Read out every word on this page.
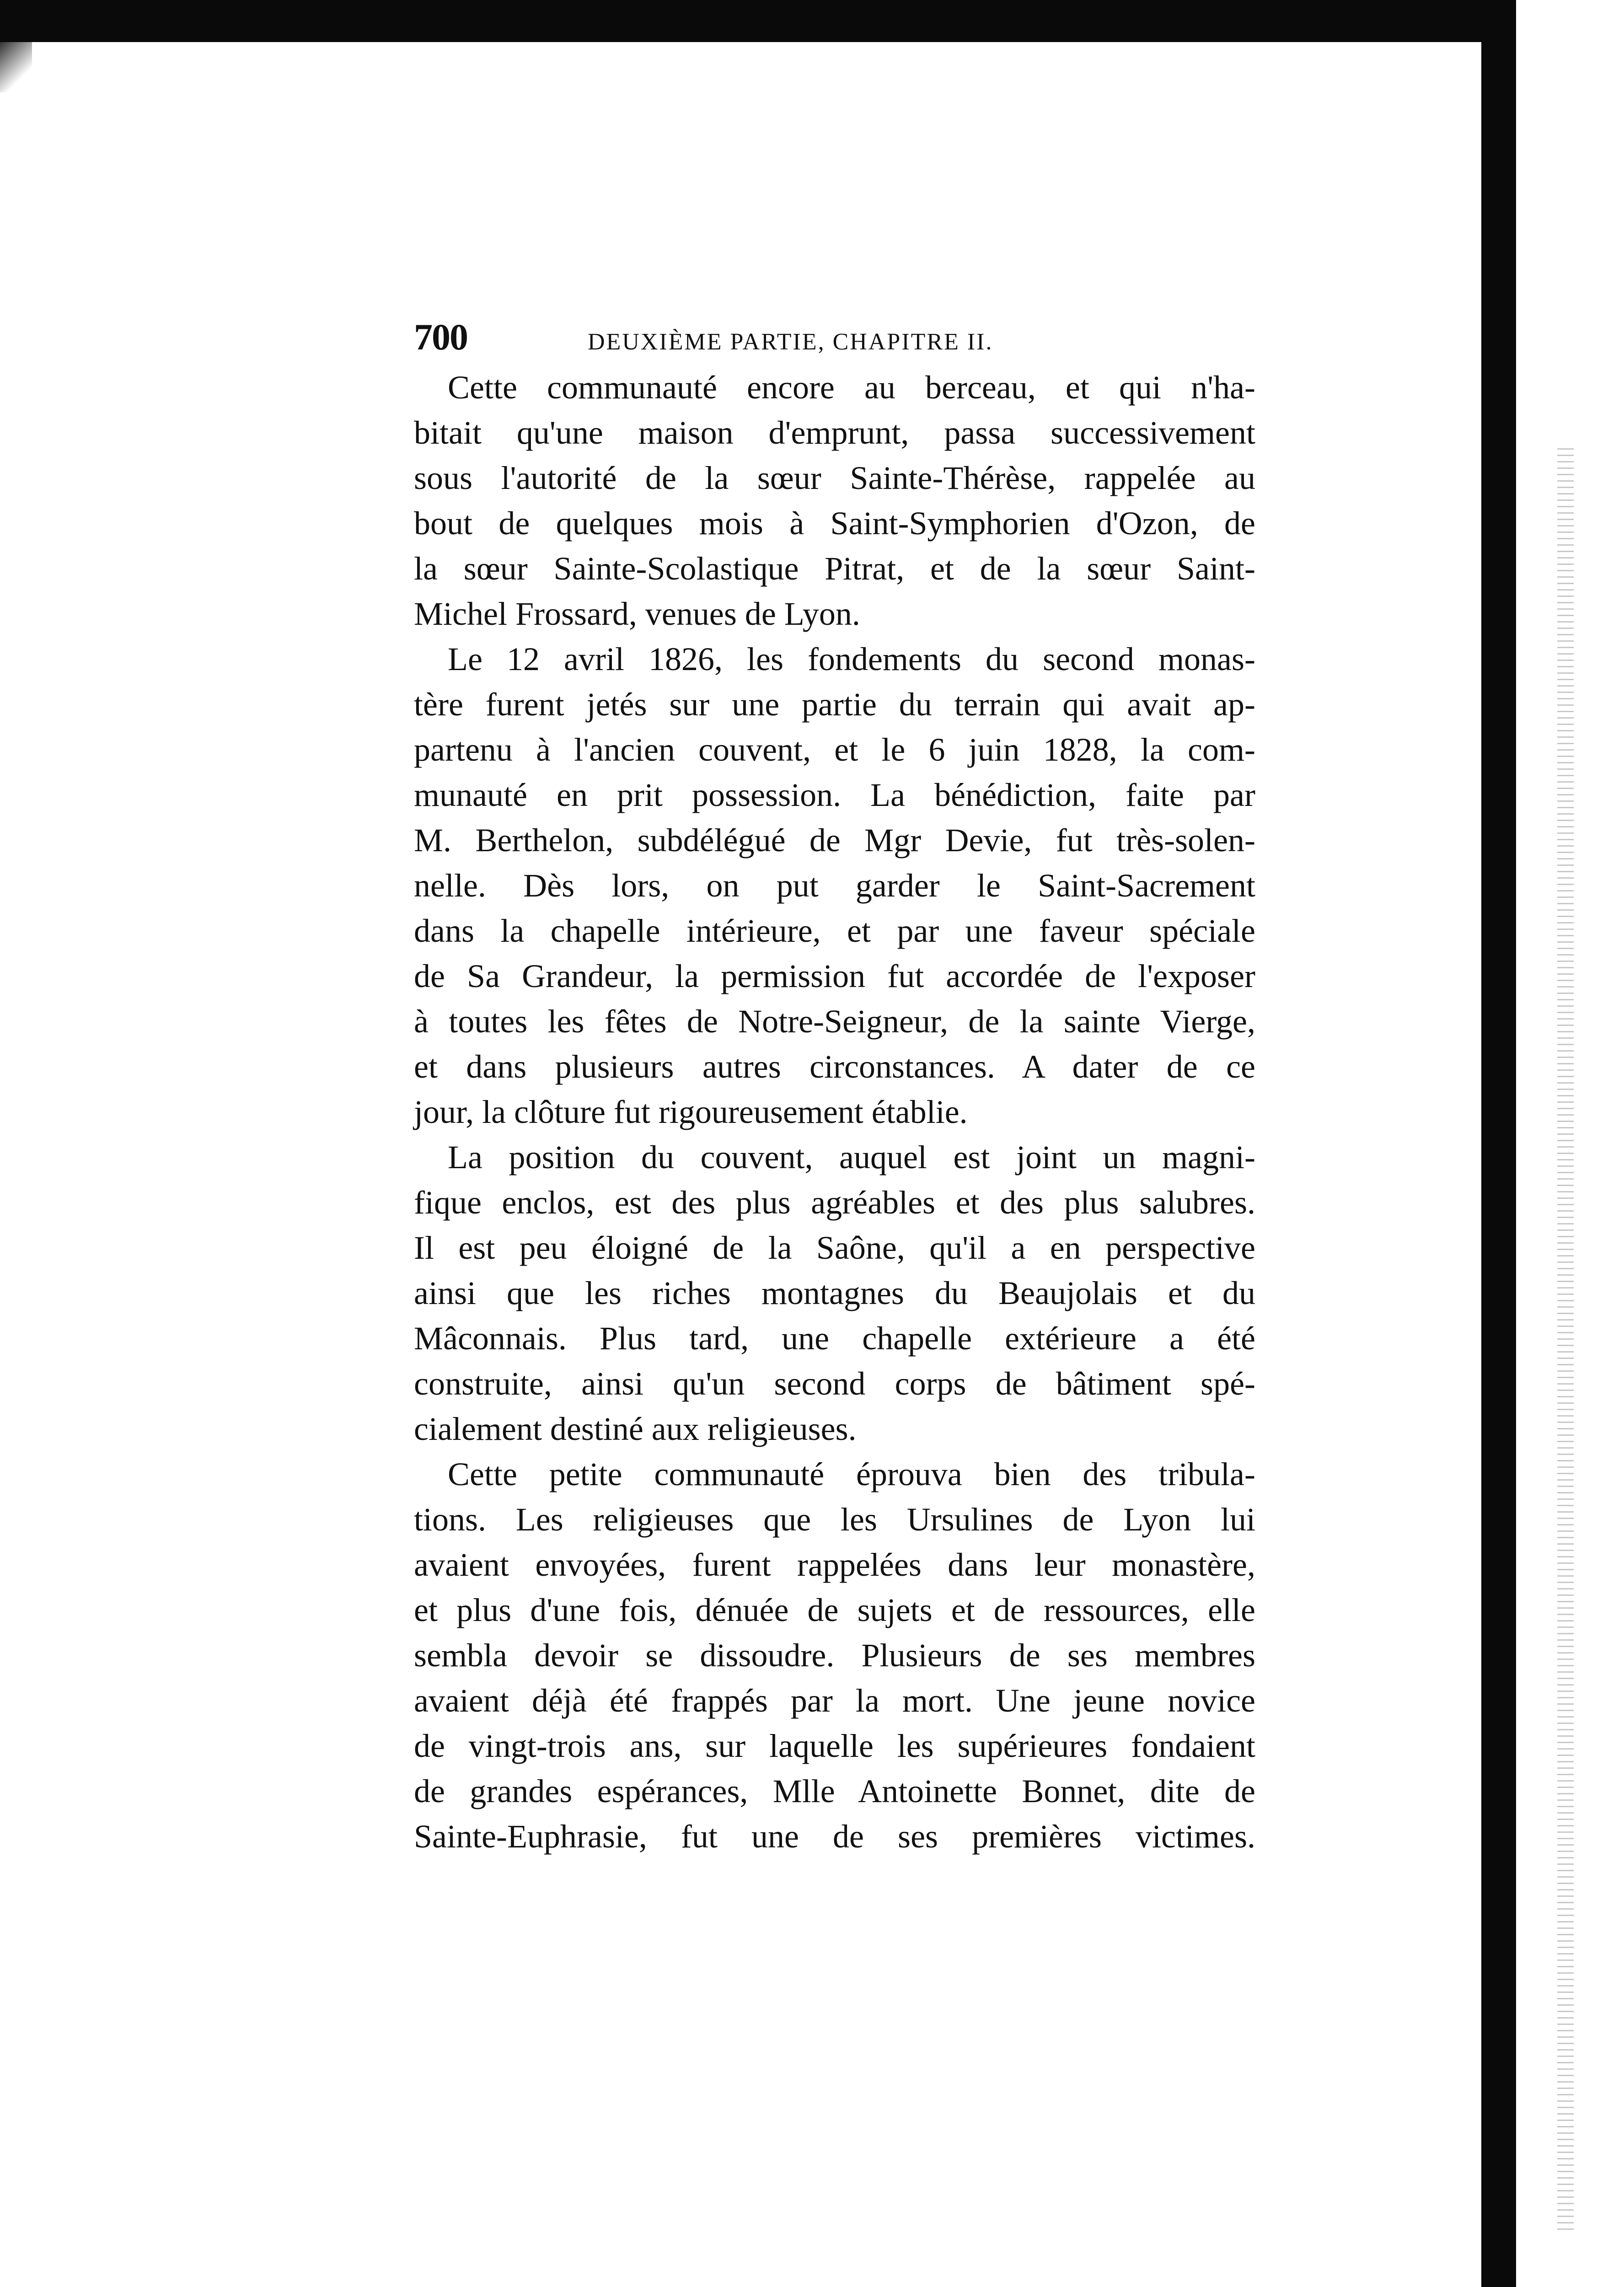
700	DEUXIÈME PARTIE, CHAPITRE II.

Cette communauté encore au berceau, et qui n'ha-
bitait qu'une maison d'emprunt, passa successivement
sous l'autorité de la sœur Sainte-Thérèse, rappelée au
bout de quelques mois à Saint-Symphorien d'Ozon, de
la sœur Sainte-Scolastique Pitrat, et de la sœur Saint-
Michel Frossard, venues de Lyon.

Le 12 avril 1826, les fondements du second monas-
tère furent jetés sur une partie du terrain qui avait ap-
partenu à l'ancien couvent, et le 6 juin 1828, la com-
munauté en prit possession. La bénédiction, faite par
M. Berthelon, subdélégué de Mgr Devie, fut très-solen-
nelle. Dès lors, on put garder le Saint-Sacrement
dans la chapelle intérieure, et par une faveur spéciale
de Sa Grandeur, la permission fut accordée de l'exposer
à toutes les fêtes de Notre-Seigneur, de la sainte Vierge,
et dans plusieurs autres circonstances. A dater de ce
jour, la clôture fut rigoureusement établie.

La position du couvent, auquel est joint un magni-
fique enclos, est des plus agréables et des plus salubres.
Il est peu éloigné de la Saône, qu'il a en perspective
ainsi que les riches montagnes du Beaujolais et du
Mâconnais. Plus tard, une chapelle extérieure a été
construite, ainsi qu'un second corps de bâtiment spé-
cialement destiné aux religieuses.

Cette petite communauté éprouva bien des tribula-
tions. Les religieuses que les Ursulines de Lyon lui
avaient envoyées, furent rappelées dans leur monastère,
et plus d'une fois, dénuée de sujets et de ressources, elle
sembla devoir se dissoudre. Plusieurs de ses membres
avaient déjà été frappés par la mort. Une jeune novice
de vingt-trois ans, sur laquelle les supérieures fondaient
de grandes espérances, Mlle Antoinette Bonnet, dite de
Sainte-Euphrasie, fut une de ses premières victimes.
